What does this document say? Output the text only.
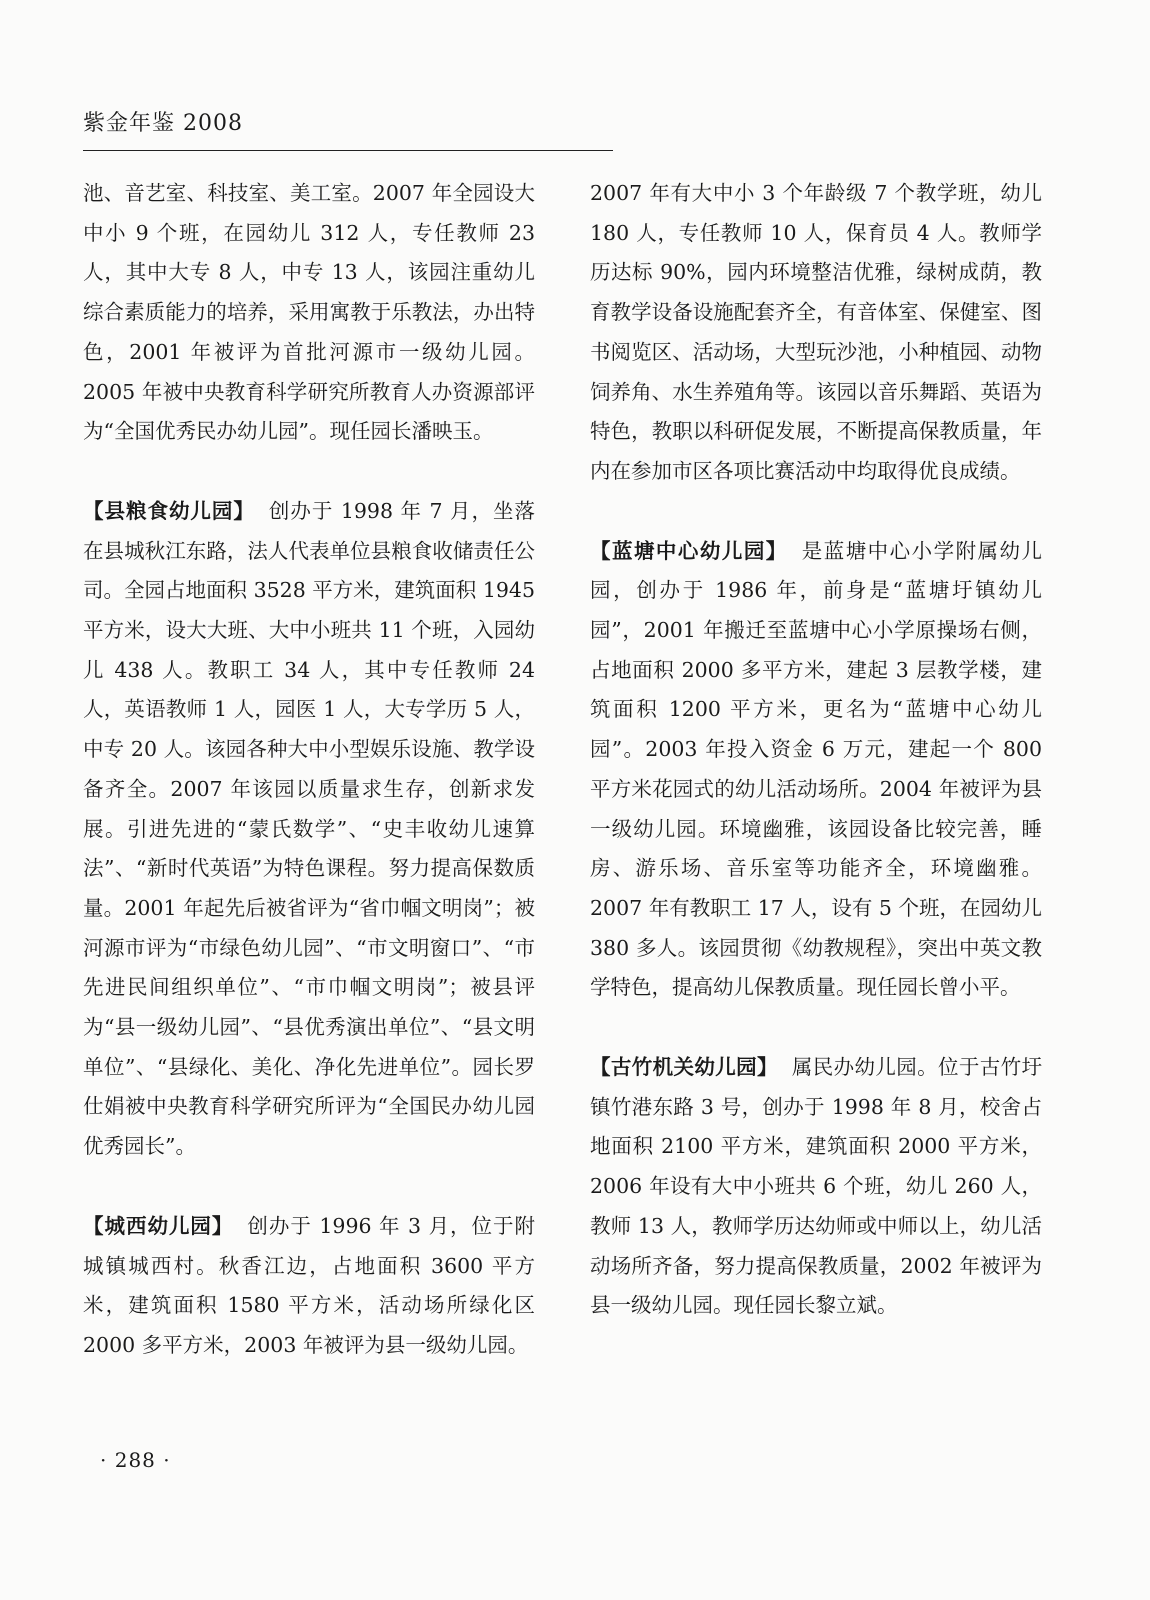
紫金年鉴 2008

池、音艺室、科技室、美工室。2007 年全园设大中小 9 个班，在园幼儿 312 人，专任教师 23 人，其中大专 8 人，中专 13 人，该园注重幼儿综合素质能力的培养，采用寓教于乐教法，办出特色，2001 年被评为首批河源市一级幼儿园。2005 年被中央教育科学研究所教育人办资源部评为“全国优秀民办幼儿园”。现任园长潘映玉。

【县粮食幼儿园】 创办于 1998 年 7 月，坐落在县城秋江东路，法人代表单位县粮食收储责任公司。全园占地面积 3528 平方米，建筑面积 1945 平方米，设大大班、大中小班共 11 个班，入园幼儿 438 人。教职工 34 人，其中专任教师 24 人，英语教师 1 人，园医 1 人，大专学历 5 人，中专 20 人。该园各种大中小型娱乐设施、教学设备齐全。2007 年该园以质量求生存，创新求发展。引进先进的“蒙氏数学”、“史丰收幼儿速算法”、“新时代英语”为特色课程。努力提高保数质量。2001 年起先后被省评为“省巾帼文明岗”；被河源市评为“市绿色幼儿园”、“市文明窗口”、“市先进民间组织单位”、“市巾帼文明岗”；被县评为“县一级幼儿园”、“县优秀演出单位”、“县文明单位”、“县绿化、美化、净化先进单位”。园长罗仕娟被中央教育科学研究所评为“全国民办幼儿园优秀园长”。

【城西幼儿园】 创办于 1996 年 3 月，位于附城镇城西村。秋香江边，占地面积 3600 平方米，建筑面积 1580 平方米，活动场所绿化区 2000 多平方米，2003 年被评为县一级幼儿园。

2007 年有大中小 3 个年龄级 7 个教学班，幼儿 180 人，专任教师 10 人，保育员 4 人。教师学历达标 90%，园内环境整洁优雅，绿树成荫，教育教学设备设施配套齐全，有音体室、保健室、图书阅览区、活动场，大型玩沙池，小种植园、动物饲养角、水生养殖角等。该园以音乐舞蹈、英语为特色，教职以科研促发展，不断提高保教质量，年内在参加市区各项比赛活动中均取得优良成绩。

【蓝塘中心幼儿园】 是蓝塘中心小学附属幼儿园，创办于 1986 年，前身是“蓝塘圩镇幼儿园”，2001 年搬迁至蓝塘中心小学原操场右侧，占地面积 2000 多平方米，建起 3 层教学楼，建筑面积 1200 平方米，更名为“蓝塘中心幼儿园”。2003 年投入资金 6 万元，建起一个 800 平方米花园式的幼儿活动场所。2004 年被评为县一级幼儿园。环境幽雅，该园设备比较完善，睡房、游乐场、音乐室等功能齐全，环境幽雅。2007 年有教职工 17 人，设有 5 个班，在园幼儿 380 多人。该园贯彻《幼教规程》，突出中英文教学特色，提高幼儿保教质量。现任园长曾小平。

【古竹机关幼儿园】 属民办幼儿园。位于古竹圩镇竹港东路 3 号，创办于 1998 年 8 月，校舍占地面积 2100 平方米，建筑面积 2000 平方米，2006 年设有大中小班共 6 个班，幼儿 260 人，教师 13 人，教师学历达幼师或中师以上，幼儿活动场所齐备，努力提高保教质量，2002 年被评为县一级幼儿园。现任园长黎立斌。

· 288 ·
